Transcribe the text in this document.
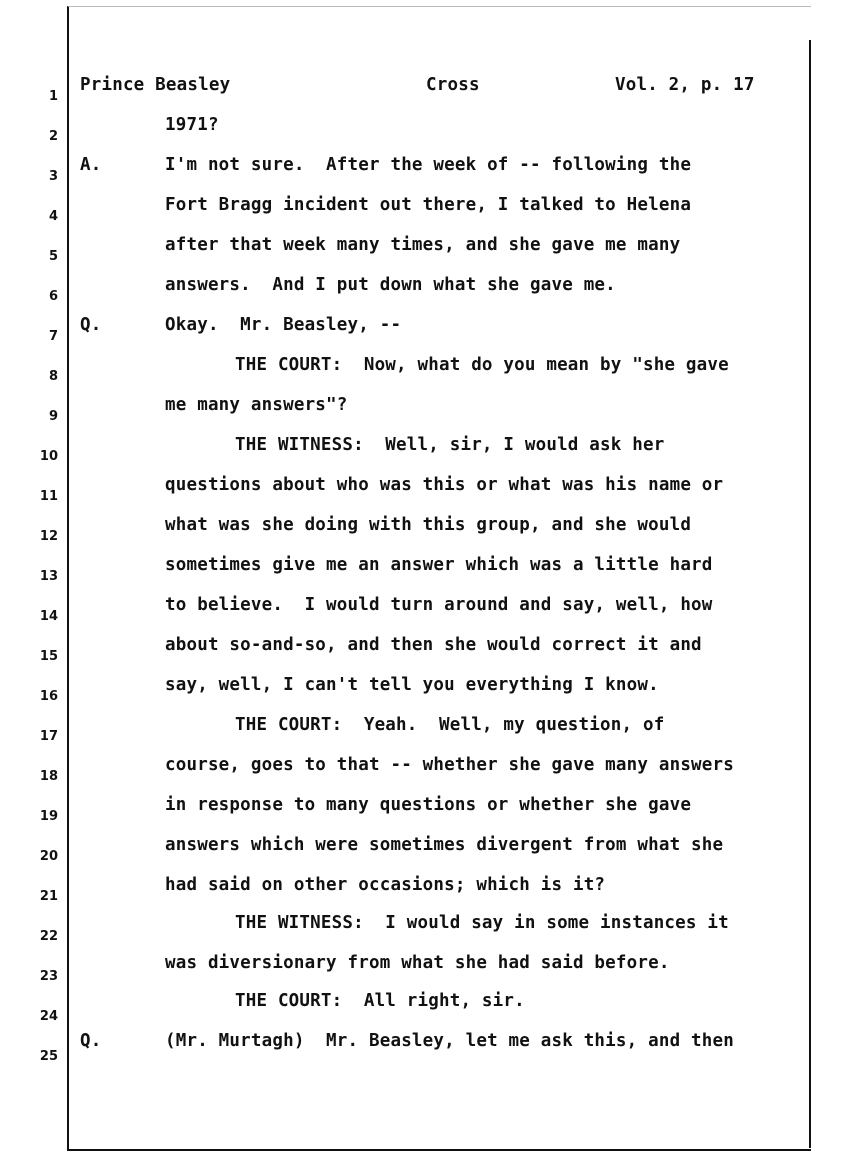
1
2
3
4
5
6
7
8
9
10
11
12
13
14
15
16
17
18
19
20
21
22
23
24
25
Prince Beasley	Cross	Vol. 2, p. 17
1971?
A.	I'm not sure.  After the week of -- following the
Fort Bragg incident out there, I talked to Helena
after that week many times, and she gave me many
answers.  And I put down what she gave me.
Q.	Okay.  Mr. Beasley, --
THE COURT:  Now, what do you mean by "she gave
me many answers"?
THE WITNESS:  Well, sir, I would ask her
questions about who was this or what was his name or
what was she doing with this group, and she would
sometimes give me an answer which was a little hard
to believe.  I would turn around and say, well, how
about so-and-so, and then she would correct it and
say, well, I can't tell you everything I know.
THE COURT:  Yeah.  Well, my question, of
course, goes to that -- whether she gave many answers
in response to many questions or whether she gave
answers which were sometimes divergent from what she
had said on other occasions; which is it?
THE WITNESS:  I would say in some instances it
was diversionary from what she had said before.
THE COURT:  All right, sir.
Q.	(Mr. Murtagh)  Mr. Beasley, let me ask this, and then
